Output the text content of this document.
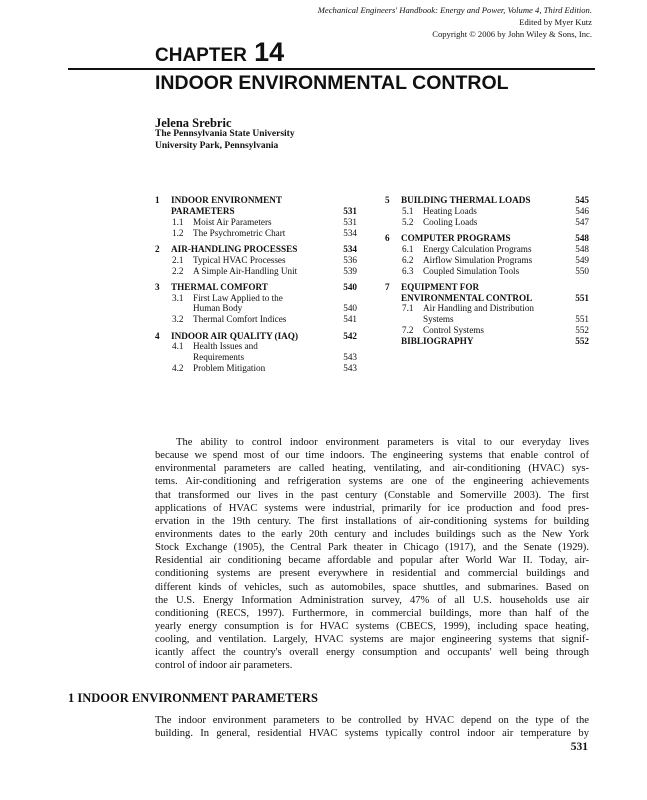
Mechanical Engineers' Handbook: Energy and Power, Volume 4, Third Edition.
Edited by Myer Kutz
Copyright © 2006 by John Wiley & Sons, Inc.
CHAPTER 14
INDOOR ENVIRONMENTAL CONTROL
Jelena Srebric
The Pennsylvania State University
University Park, Pennsylvania
1 INDOOR ENVIRONMENT
PARAMETERS	531
1.1 Moist Air Parameters	531
1.2 The Psychrometric Chart	534
2 AIR-HANDLING PROCESSES	534
2.1 Typical HVAC Processes	536
2.2 A Simple Air-Handling Unit	539
3 THERMAL COMFORT	540
3.1 First Law Applied to the
Human Body	540
3.2 Thermal Comfort Indices	541
4 INDOOR AIR QUALITY (IAQ)	542
4.1 Health Issues and
Requirements	543
4.2 Problem Mitigation	543
5 BUILDING THERMAL LOADS	545
5.1 Heating Loads	546
5.2 Cooling Loads	547
6 COMPUTER PROGRAMS	548
6.1 Energy Calculation Programs	548
6.2 Airflow Simulation Programs	549
6.3 Coupled Simulation Tools	550
7 EQUIPMENT FOR
ENVIRONMENTAL CONTROL	551
7.1 Air Handling and Distribution
Systems	551
7.2 Control Systems	552
BIBLIOGRAPHY	552
The ability to control indoor environment parameters is vital to our everyday lives
because we spend most of our time indoors. The engineering systems that enable control of
environmental parameters are called heating, ventilating, and air-conditioning (HVAC) sys-
tems. Air-conditioning and refrigeration systems are one of the engineering achievements
that transformed our lives in the past century (Constable and Somerville 2003). The first
applications of HVAC systems were industrial, primarily for ice production and food pres-
ervation in the 19th century. The first installations of air-conditioning systems for building
environments dates to the early 20th century and includes buildings such as the New York
Stock Exchange (1905), the Central Park theater in Chicago (1917), and the Senate (1929).
Residential air conditioning became affordable and popular after World War II. Today, air-
conditioning systems are present everywhere in residential and commercial buildings and
different kinds of vehicles, such as automobiles, space shuttles, and submarines. Based on
the U.S. Energy Information Administration survey, 47% of all U.S. households use air
conditioning (RECS, 1997). Furthermore, in commercial buildings, more than half of the
yearly energy consumption is for HVAC systems (CBECS, 1999), including space heating,
cooling, and ventilation. Largely, HVAC systems are major engineering systems that signif-
icantly affect the country's overall energy consumption and occupants' well being through
control of indoor air parameters.
1 INDOOR ENVIRONMENT PARAMETERS
The indoor environment parameters to be controlled by HVAC depend on the type of the
building. In general, residential HVAC systems typically control indoor air temperature by
531
